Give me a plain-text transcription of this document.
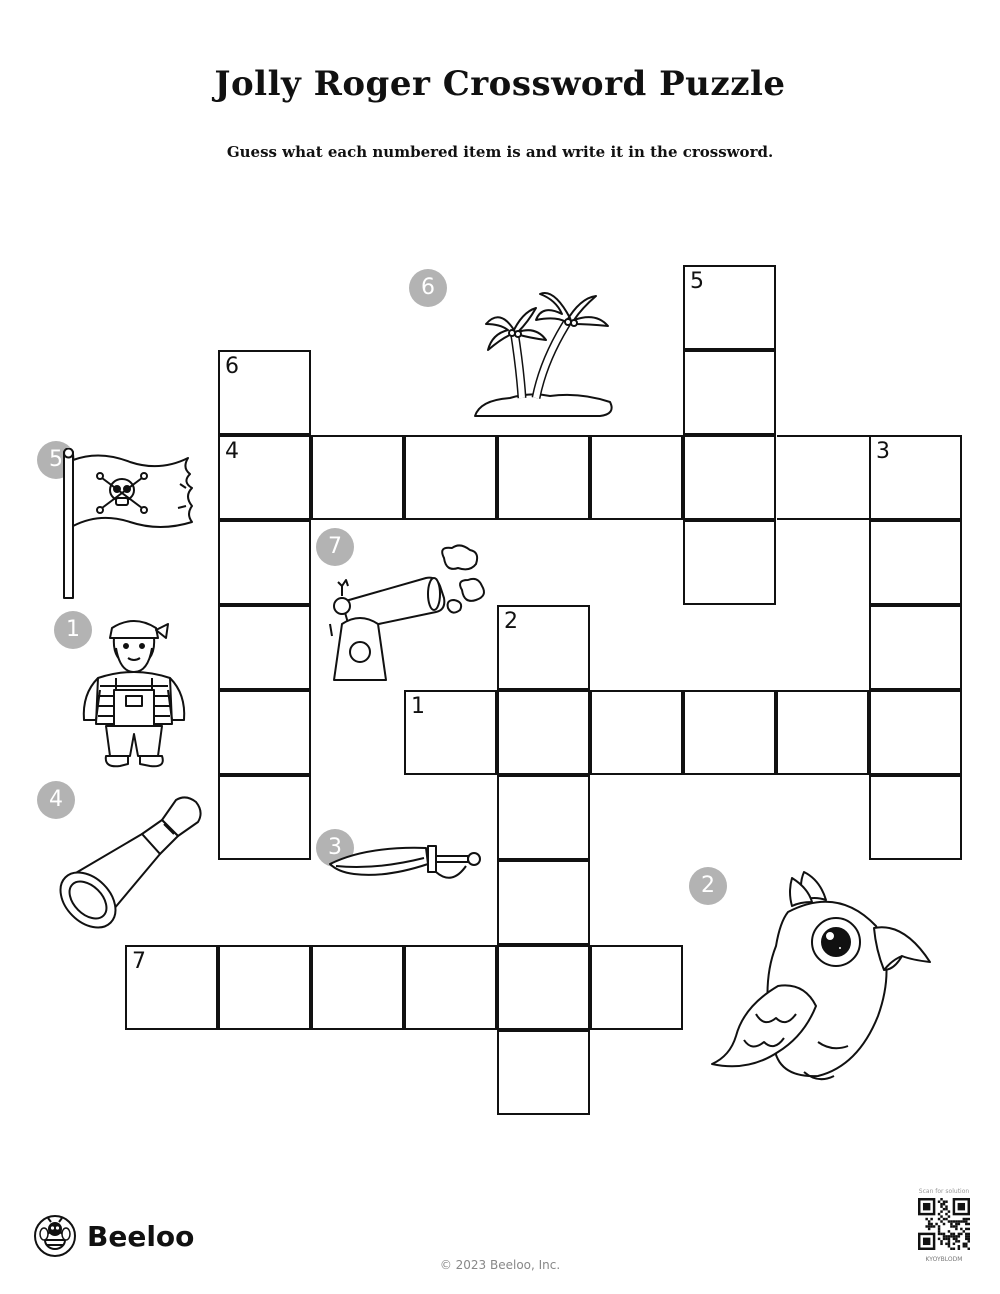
Jolly Roger Crossword Puzzle
Guess what each numbered item is and write it in the crossword.
5
6
4	3
2
1
7
6
5
7
1
4
3
2
Beeloo
© 2023 Beeloo, Inc.
Scan for solution
KYOYBLODM
